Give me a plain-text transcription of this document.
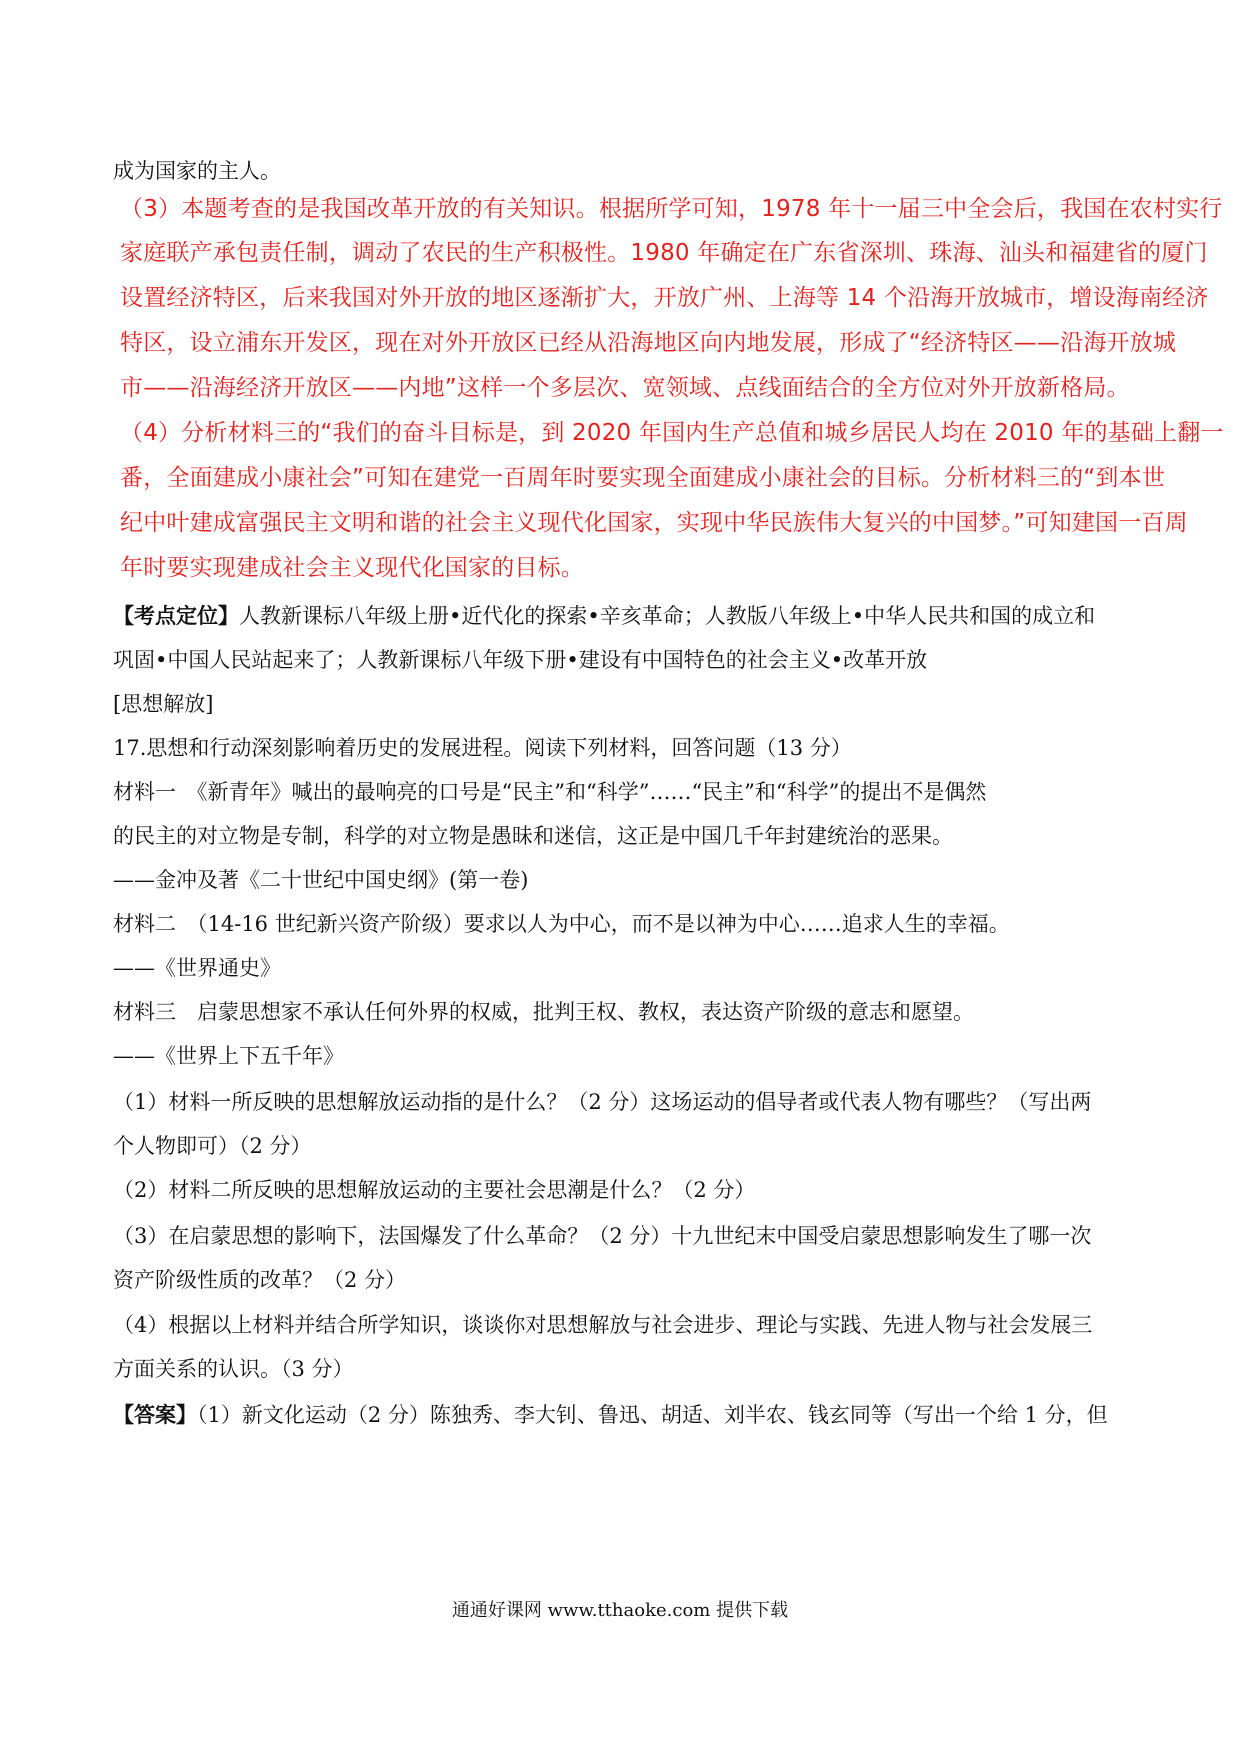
成为国家的主人。
（3）本题考查的是我国改革开放的有关知识。根据所学可知，1978 年十一届三中全会后，我国在农村实行
家庭联产承包责任制，调动了农民的生产积极性。1980 年确定在广东省深圳、珠海、汕头和福建省的厦门
设置经济特区，后来我国对外开放的地区逐渐扩大，开放广州、上海等 14 个沿海开放城市，增设海南经济
特区，设立浦东开发区，现在对外开放区已经从沿海地区向内地发展，形成了“经济特区——沿海开放城
市——沿海经济开放区——内地”这样一个多层次、宽领域、点线面结合的全方位对外开放新格局。
（4）分析材料三的“我们的奋斗目标是，到 2020 年国内生产总值和城乡居民人均在 2010 年的基础上翻一
番，全面建成小康社会”可知在建党一百周年时要实现全面建成小康社会的目标。分析材料三的“到本世
纪中叶建成富强民主文明和谐的社会主义现代化国家，实现中华民族伟大复兴的中国梦。”可知建国一百周
年时要实现建成社会主义现代化国家的目标。
【考点定位】人教新课标八年级上册•近代化的探索•辛亥革命；人教版八年级上•中华人民共和国的成立和
巩固•中国人民站起来了；人教新课标八年级下册•建设有中国特色的社会主义•改革开放
[思想解放]
17.思想和行动深刻影响着历史的发展进程。阅读下列材料，回答问题（13 分）
材料一　《新青年》喊出的最响亮的口号是“民主”和“科学”……“民主”和“科学”的提出不是偶然
的民主的对立物是专制，科学的对立物是愚昧和迷信，这正是中国几千年封建统治的恶果。
——金冲及著《二十世纪中国史纲》(第一卷)
材料二　（14-16 世纪新兴资产阶级）要求以人为中心，而不是以神为中心……追求人生的幸福。
——《世界通史》
材料三　启蒙思想家不承认任何外界的权威，批判王权、教权，表达资产阶级的意志和愿望。
——《世界上下五千年》
（1）材料一所反映的思想解放运动指的是什么？（2 分）这场运动的倡导者或代表人物有哪些？（写出两
个人物即可）（2 分）
（2）材料二所反映的思想解放运动的主要社会思潮是什么？（2 分）
（3）在启蒙思想的影响下，法国爆发了什么革命？（2 分）十九世纪末中国受启蒙思想影响发生了哪一次
资产阶级性质的改革？（2 分）
（4）根据以上材料并结合所学知识，谈谈你对思想解放与社会进步、理论与实践、先进人物与社会发展三
方面关系的认识。（3 分）
【答案】（1）新文化运动（2 分）陈独秀、李大钊、鲁迅、胡适、刘半农、钱玄同等（写出一个给 1 分，但
通通好课网 www.tthaoke.com 提供下载
